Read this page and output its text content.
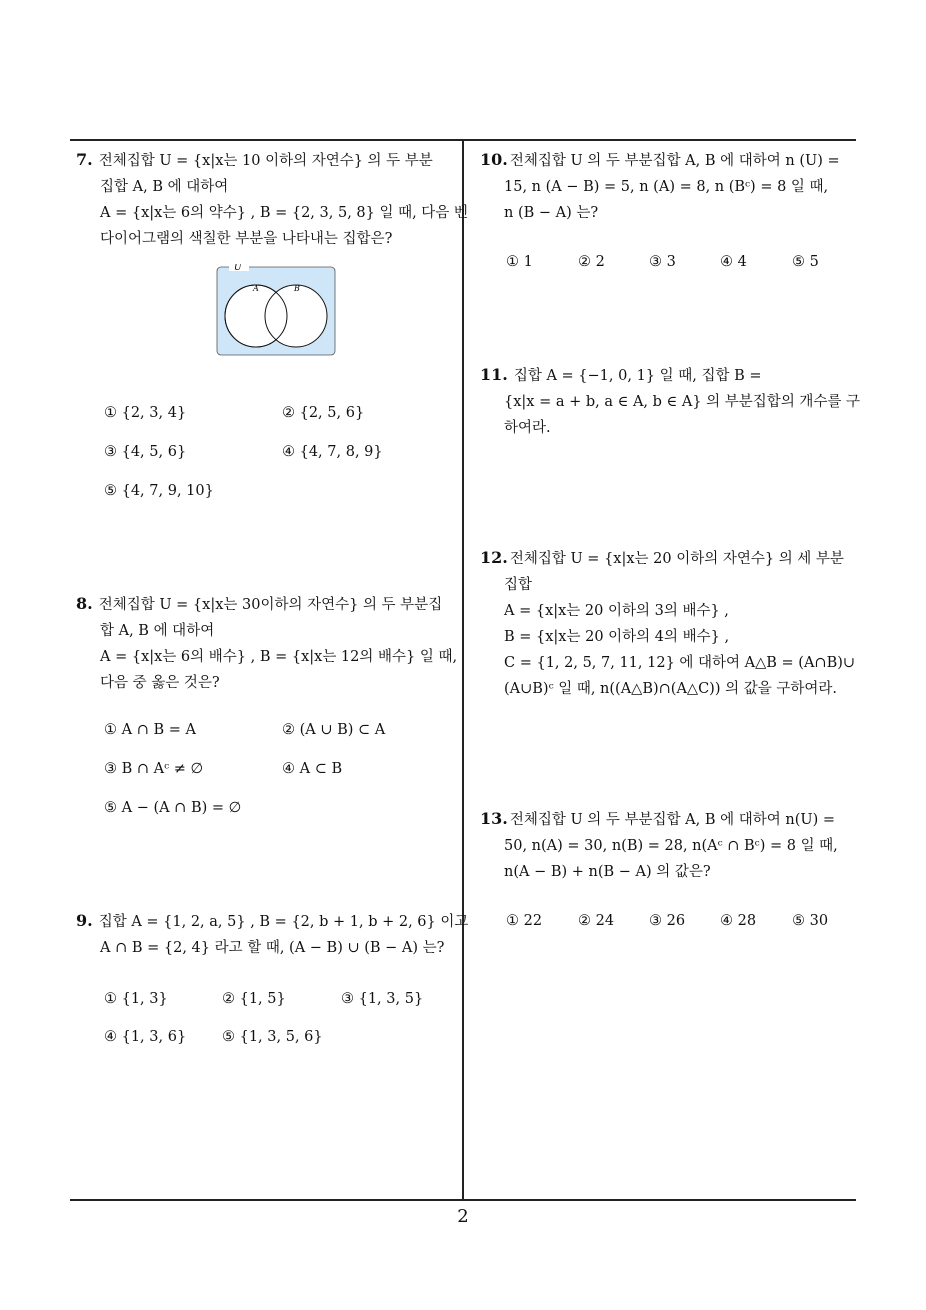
7. 전체집합 U = {x|x는 10 이하의 자연수} 의 두 부분
집합 A, B 에 대하여
A = {x|x는 6의 약수} , B = {2, 3, 5, 8} 일 때, 다음 벤
다이어그램의 색칠한 부분을 나타내는 집합은?
U
A	B
① {2, 3, 4}	② {2, 5, 6}
③ {4, 5, 6}	④ {4, 7, 8, 9}
⑤ {4, 7, 9, 10}
8. 전체집합 U = {x|x는 30이하의 자연수} 의 두 부분집
합 A, B 에 대하여
A = {x|x는 6의 배수} , B = {x|x는 12의 배수} 일 때,
다음 중 옳은 것은?
① A ∩ B = A	② (A ∪ B) ⊂ A
③ B ∩ Aᶜ ≠ ∅	④ A ⊂ B
⑤ A − (A ∩ B) = ∅
9. 집합 A = {1, 2, a, 5} , B = {2, b + 1, b + 2, 6} 이고
A ∩ B = {2, 4} 라고 할 때, (A − B) ∪ (B − A) 는?
① {1, 3}	② {1, 5}	③ {1, 3, 5}
④ {1, 3, 6} ⑤ {1, 3, 5, 6}
10. 전체집합 U 의 두 부분집합 A, B 에 대하여 n (U) =
15, n (A − B) = 5, n (A) = 8, n (Bᶜ) = 8 일 때,
n (B − A) 는?
① 1	② 2	③ 3	④ 4	⑤ 5
11. 집합 A = {−1, 0, 1} 일 때, 집합 B =
{x|x = a + b, a ∈ A, b ∈ A} 의 부분집합의 개수를 구
하여라.
12. 전체집합 U = {x|x는 20 이하의 자연수} 의 세 부분
집합
A = {x|x는 20 이하의 3의 배수} ,
B = {x|x는 20 이하의 4의 배수} ,
C = {1, 2, 5, 7, 11, 12} 에 대하여 A△B = (A∩B)∪
(A∪B)ᶜ 일 때, n((A△B)∩(A△C)) 의 값을 구하여라.
13. 전체집합 U 의 두 부분집합 A, B 에 대하여 n(U) =
50, n(A) = 30, n(B) = 28, n(Aᶜ ∩ Bᶜ) = 8 일 때,
n(A − B) + n(B − A) 의 값은?
① 22 ② 24 ③ 26 ④ 28 ⑤ 30
2
